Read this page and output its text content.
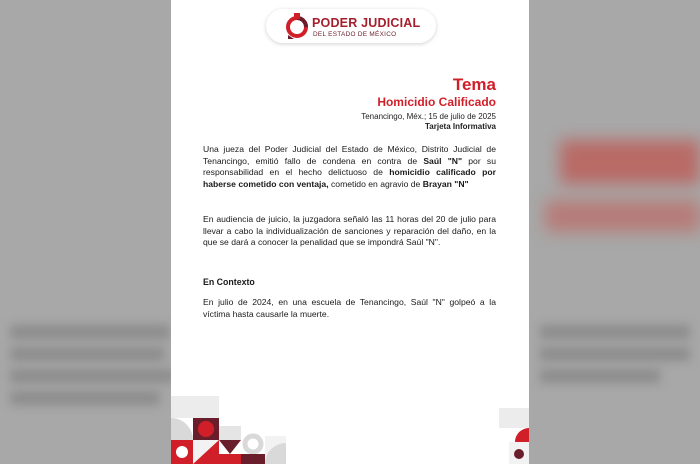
PODER JUDICIAL
DEL ESTADO DE MÉXICO
Tema
Homicidio Calificado
Tenancingo, Méx.; 15 de julio de 2025
Tarjeta Informativa
Una jueza del Poder Judicial del Estado de México, Distrito Judicial de Tenancingo, emitió fallo de condena en contra de Saúl "N" por su responsabilidad en el hecho delictuoso de homicidio calificado por haberse cometido con ventaja, cometido en agravio de Brayan "N"
En audiencia de juicio, la juzgadora señaló las 11 horas del 20 de julio para llevar a cabo la individualización de sanciones y reparación del daño, en la que se dará a conocer la penalidad que se impondrá Saúl "N".
En Contexto
En julio de 2024, en una escuela de Tenancingo, Saúl "N" golpeó a la víctima hasta causarle la muerte.
